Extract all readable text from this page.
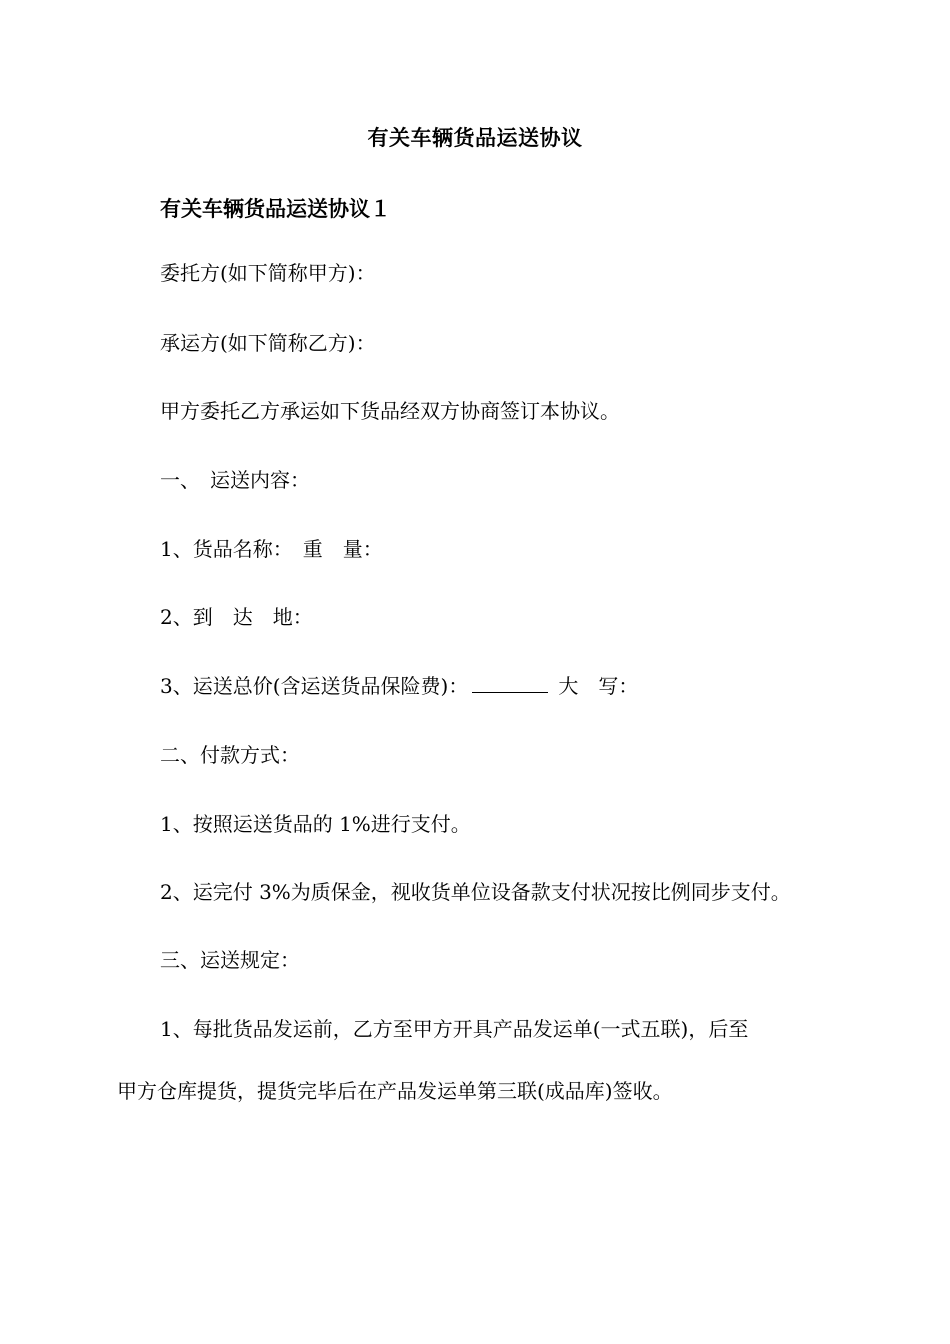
有关车辆货品运送协议
有关车辆货品运送协议１
委托方(如下简称甲方)：
承运方(如下简称乙方)：
甲方委托乙方承运如下货品经双方协商签订本协议。
一、　运送内容：
1、货品名称：　重　量：
2、到　达　地：
3、运送总价(含运送货品保险费)：	大　写：
二、付款方式：
1、按照运送货品的 1%进行支付。
2、运完付 3%为质保金，视收货单位设备款支付状况按比例同步支付。
三、运送规定：
1、每批货品发运前，乙方至甲方开具产品发运单(一式五联)，后至
甲方仓库提货，提货完毕后在产品发运单第三联(成品库)签收。
